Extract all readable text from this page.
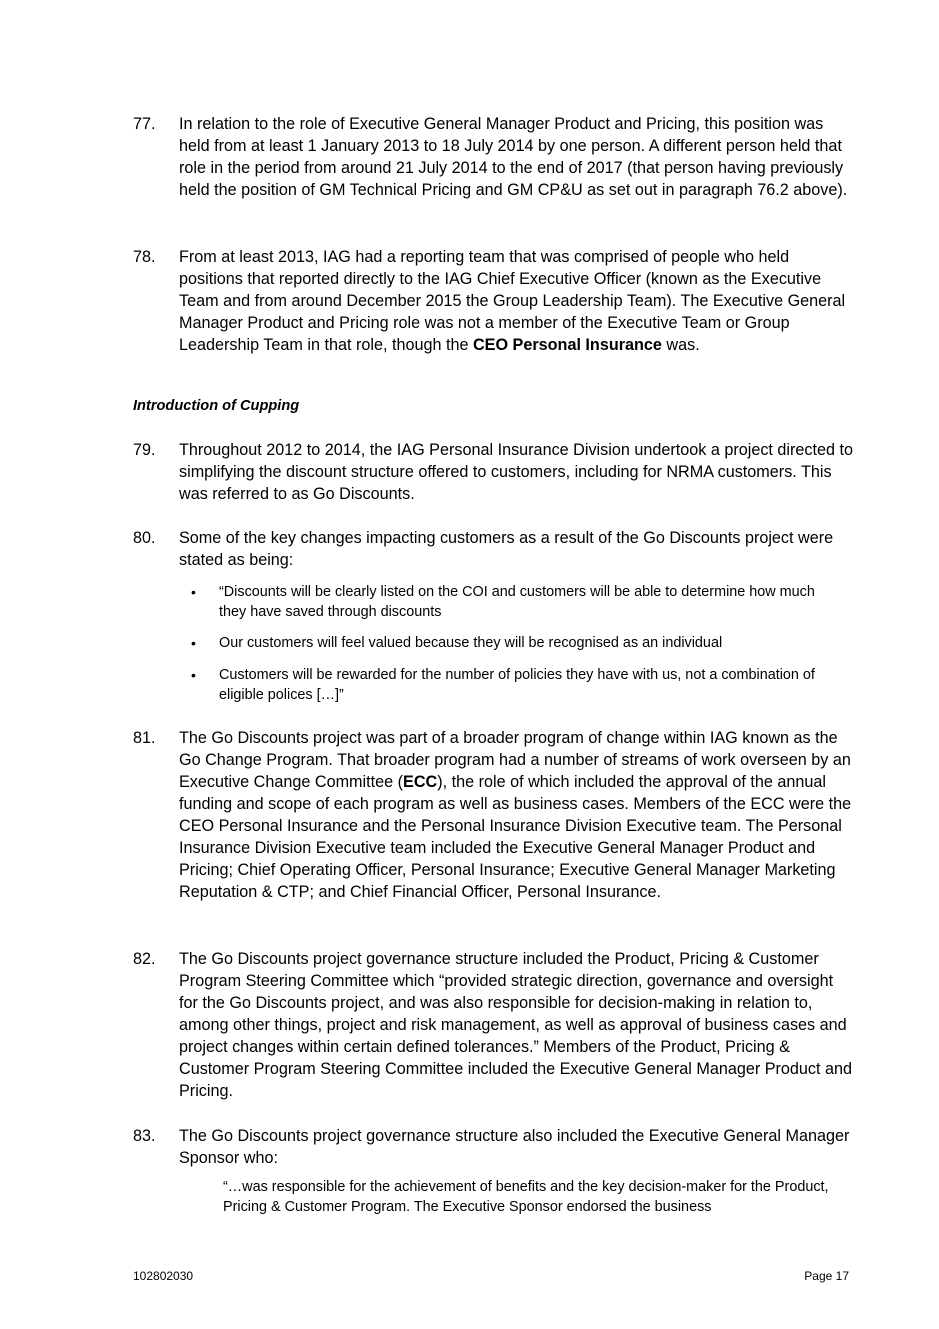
77. In relation to the role of Executive General Manager Product and Pricing, this position was held from at least 1 January 2013 to 18 July 2014 by one person. A different person held that role in the period from around 21 July 2014 to the end of 2017 (that person having previously held the position of GM Technical Pricing and GM CP&U as set out in paragraph 76.2 above).
78. From at least 2013, IAG had a reporting team that was comprised of people who held positions that reported directly to the IAG Chief Executive Officer (known as the Executive Team and from around December 2015 the Group Leadership Team). The Executive General Manager Product and Pricing role was not a member of the Executive Team or Group Leadership Team in that role, though the CEO Personal Insurance was.
Introduction of Cupping
79. Throughout 2012 to 2014, the IAG Personal Insurance Division undertook a project directed to simplifying the discount structure offered to customers, including for NRMA customers. This was referred to as Go Discounts.
80. Some of the key changes impacting customers as a result of the Go Discounts project were stated as being:
• “Discounts will be clearly listed on the COI and customers will be able to determine how much they have saved through discounts
• Our customers will feel valued because they will be recognised as an individual
• Customers will be rewarded for the number of policies they have with us, not a combination of eligible polices […]”
81. The Go Discounts project was part of a broader program of change within IAG known as the Go Change Program. That broader program had a number of streams of work overseen by an Executive Change Committee (ECC), the role of which included the approval of the annual funding and scope of each program as well as business cases. Members of the ECC were the CEO Personal Insurance and the Personal Insurance Division Executive team. The Personal Insurance Division Executive team included the Executive General Manager Product and Pricing; Chief Operating Officer, Personal Insurance; Executive General Manager Marketing Reputation & CTP; and Chief Financial Officer, Personal Insurance.
82. The Go Discounts project governance structure included the Product, Pricing & Customer Program Steering Committee which “provided strategic direction, governance and oversight for the Go Discounts project, and was also responsible for decision-making in relation to, among other things, project and risk management, as well as approval of business cases and project changes within certain defined tolerances.” Members of the Product, Pricing & Customer Program Steering Committee included the Executive General Manager Product and Pricing.
83. The Go Discounts project governance structure also included the Executive General Manager Sponsor who:
“…was responsible for the achievement of benefits and the key decision-maker for the Product, Pricing & Customer Program. The Executive Sponsor endorsed the business
102802030	Page 17
